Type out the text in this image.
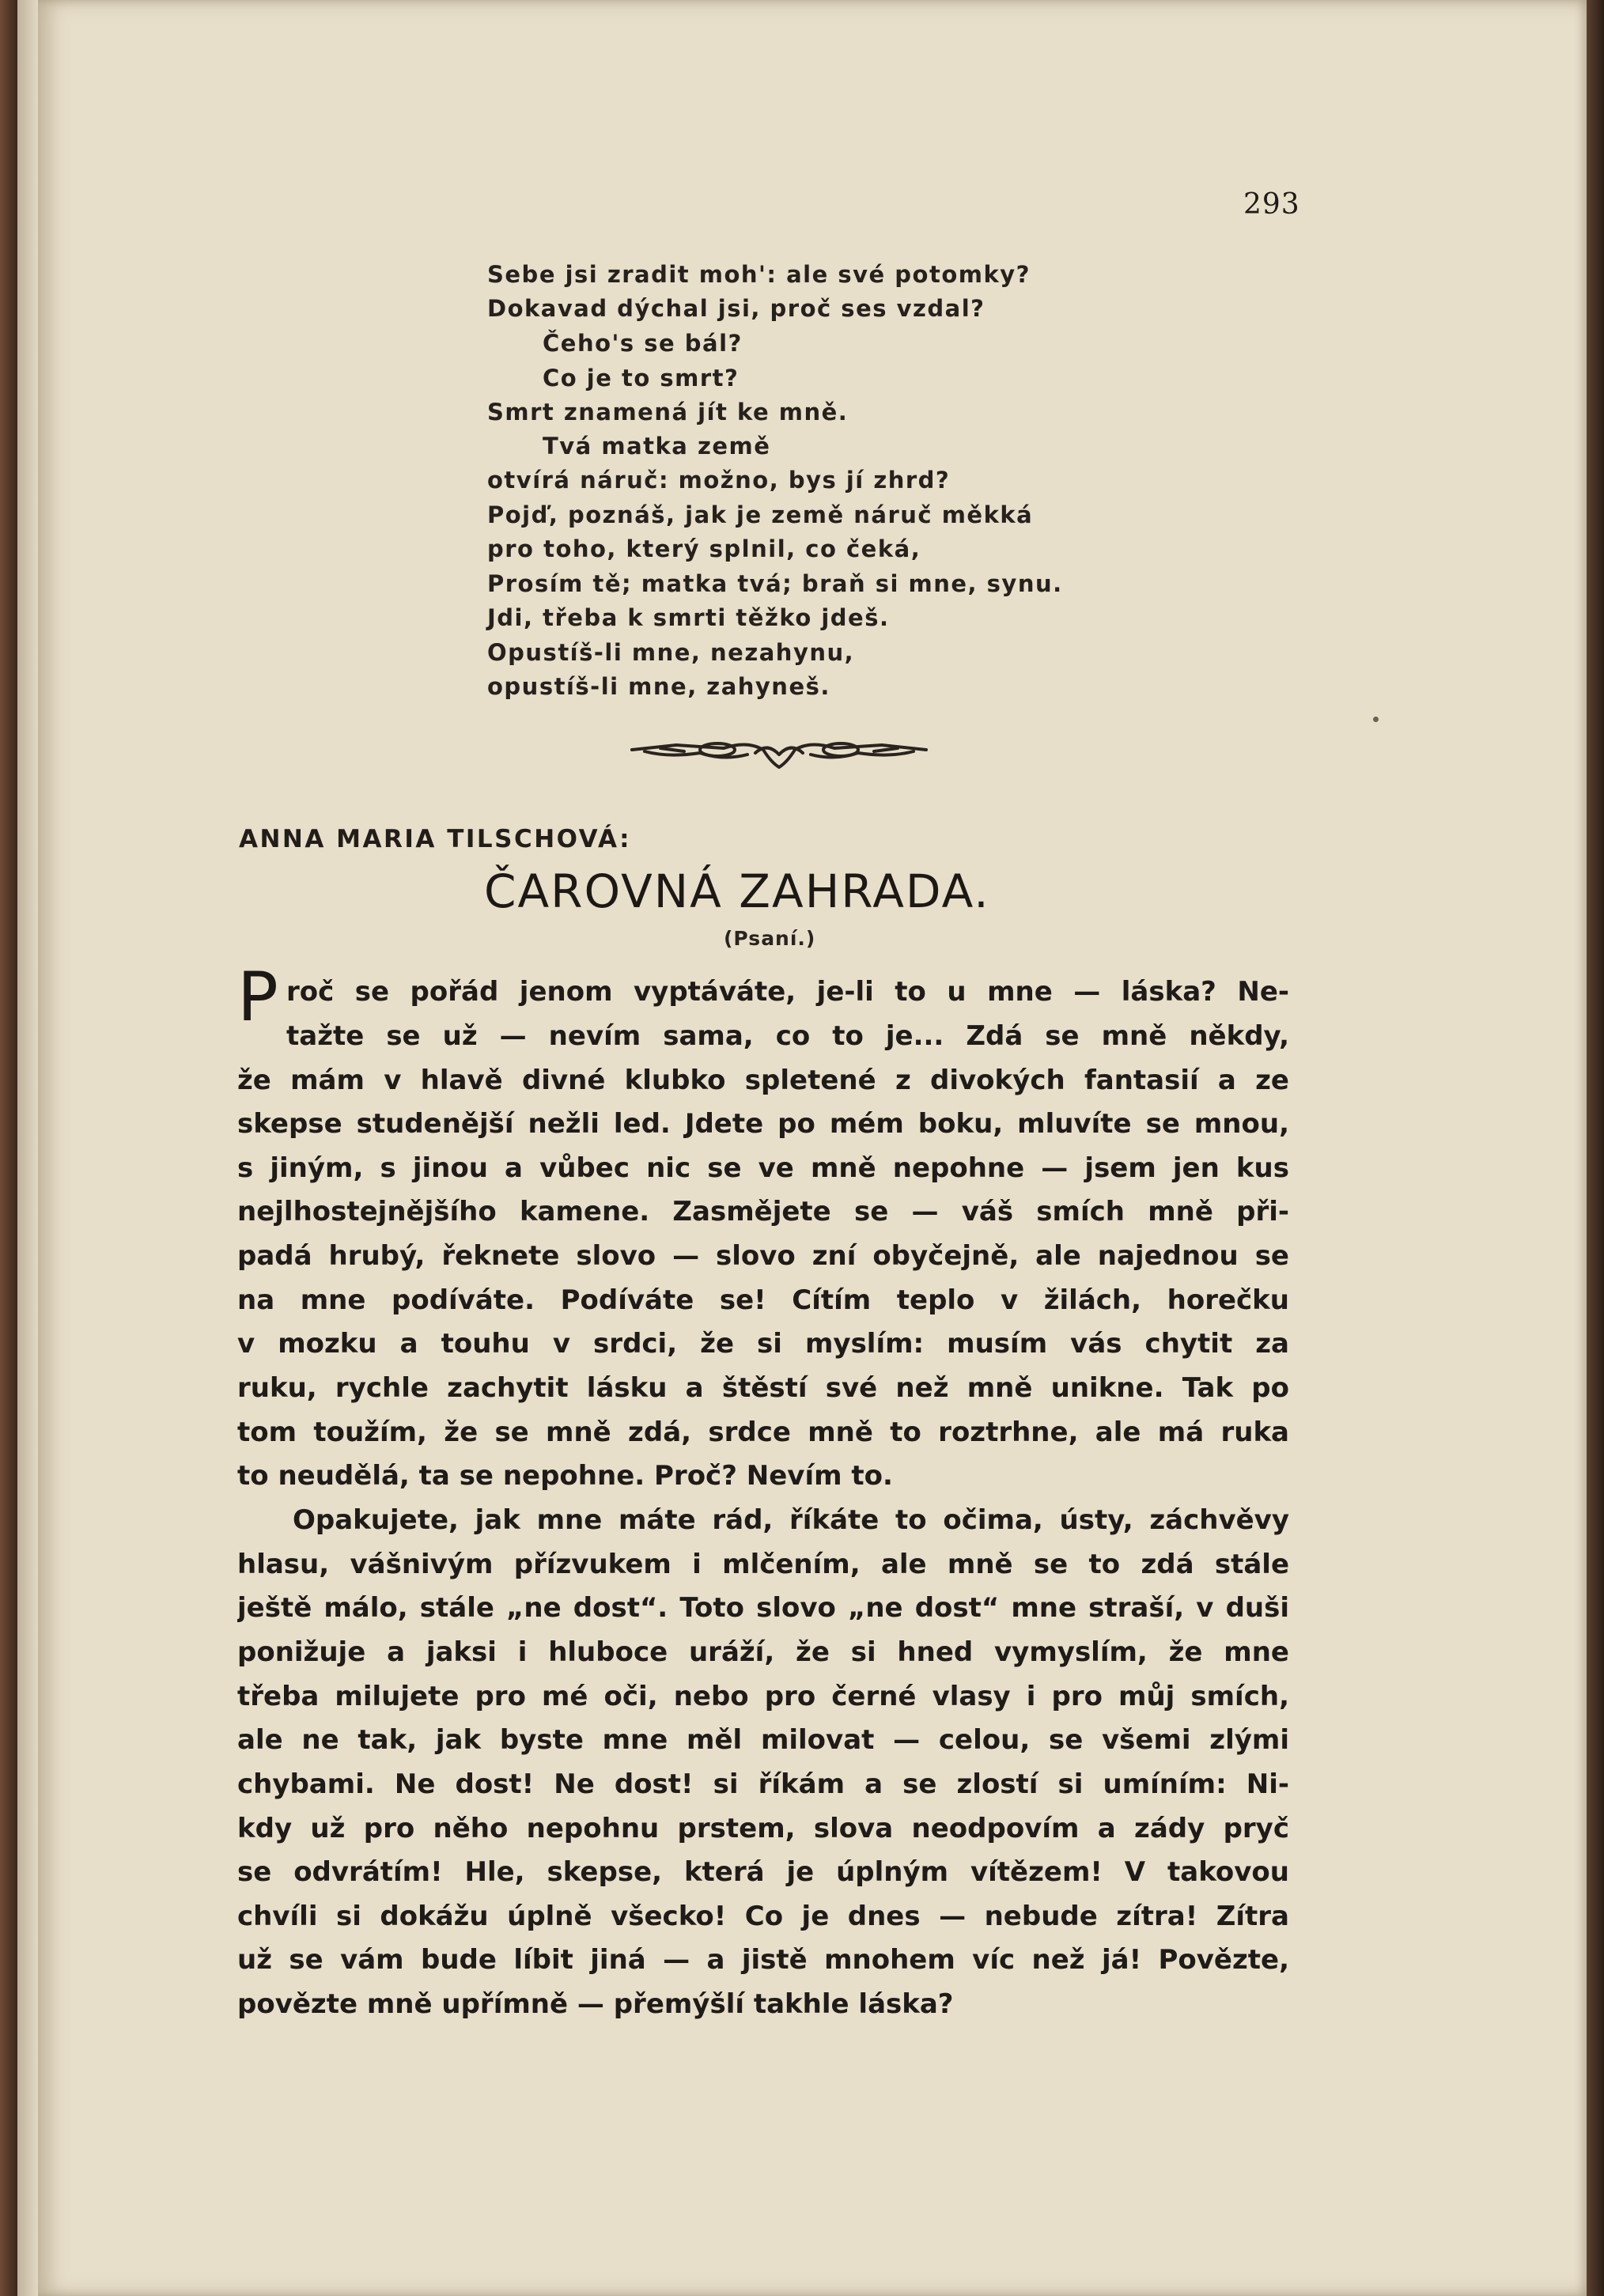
293
Sebe jsi zradit moh': ale své potomky?
Dokavad dýchal jsi, proč ses vzdal?
Čeho's se bál?
Co je to smrt?
Smrt znamená jít ke mně.
Tvá matka země
otvírá náruč: možno, bys jí zhrd?
Pojď, poznáš, jak je země náruč měkká
pro toho, který splnil, co čeká,
Prosím tě; matka tvá; braň si mne, synu.
Jdi, třeba k smrti těžko jdeš.
Opustíš-li mne, nezahynu,
opustíš-li mne, zahyneš.
ANNA MARIA TILSCHOVÁ:
ČAROVNÁ ZAHRADA.
(Psaní.)
P roč se pořád jenom vyptáváte, je-li to u mne — láska? Ne-
tažte se už — nevím sama, co to je... Zdá se mně někdy,
že mám v hlavě divné klubko spletené z divokých fantasií a ze
skepse studenější nežli led. Jdete po mém boku, mluvíte se mnou,
s jiným, s jinou a vůbec nic se ve mně nepohne — jsem jen kus
nejlhostejnějšího kamene. Zasmějete se — váš smích mně při-
padá hrubý, řeknete slovo — slovo zní obyčejně, ale najednou se
na mne podíváte. Podíváte se! Cítím teplo v žilách, horečku
v mozku a touhu v srdci, že si myslím: musím vás chytit za
ruku, rychle zachytit lásku a štěstí své než mně unikne. Tak po
tom toužím, že se mně zdá, srdce mně to roztrhne, ale má ruka
to neudělá, ta se nepohne. Proč? Nevím to.
Opakujete, jak mne máte rád, říkáte to očima, ústy, záchvěvy
hlasu, vášnivým přízvukem i mlčením, ale mně se to zdá stále
ještě málo, stále „ne dost“. Toto slovo „ne dost“ mne straší, v duši
ponižuje a jaksi i hluboce uráží, že si hned vymyslím, že mne
třeba milujete pro mé oči, nebo pro černé vlasy i pro můj smích,
ale ne tak, jak byste mne měl milovat — celou, se všemi zlými
chybami. Ne dost! Ne dost! si říkám a se zlostí si umíním: Ni-
kdy už pro něho nepohnu prstem, slova neodpovím a zády pryč
se odvrátím! Hle, skepse, která je úplným vítězem! V takovou
chvíli si dokážu úplně všecko! Co je dnes — nebude zítra! Zítra
už se vám bude líbit jiná — a jistě mnohem víc než já! Povězte,
povězte mně upřímně — přemýšlí takhle láska?
